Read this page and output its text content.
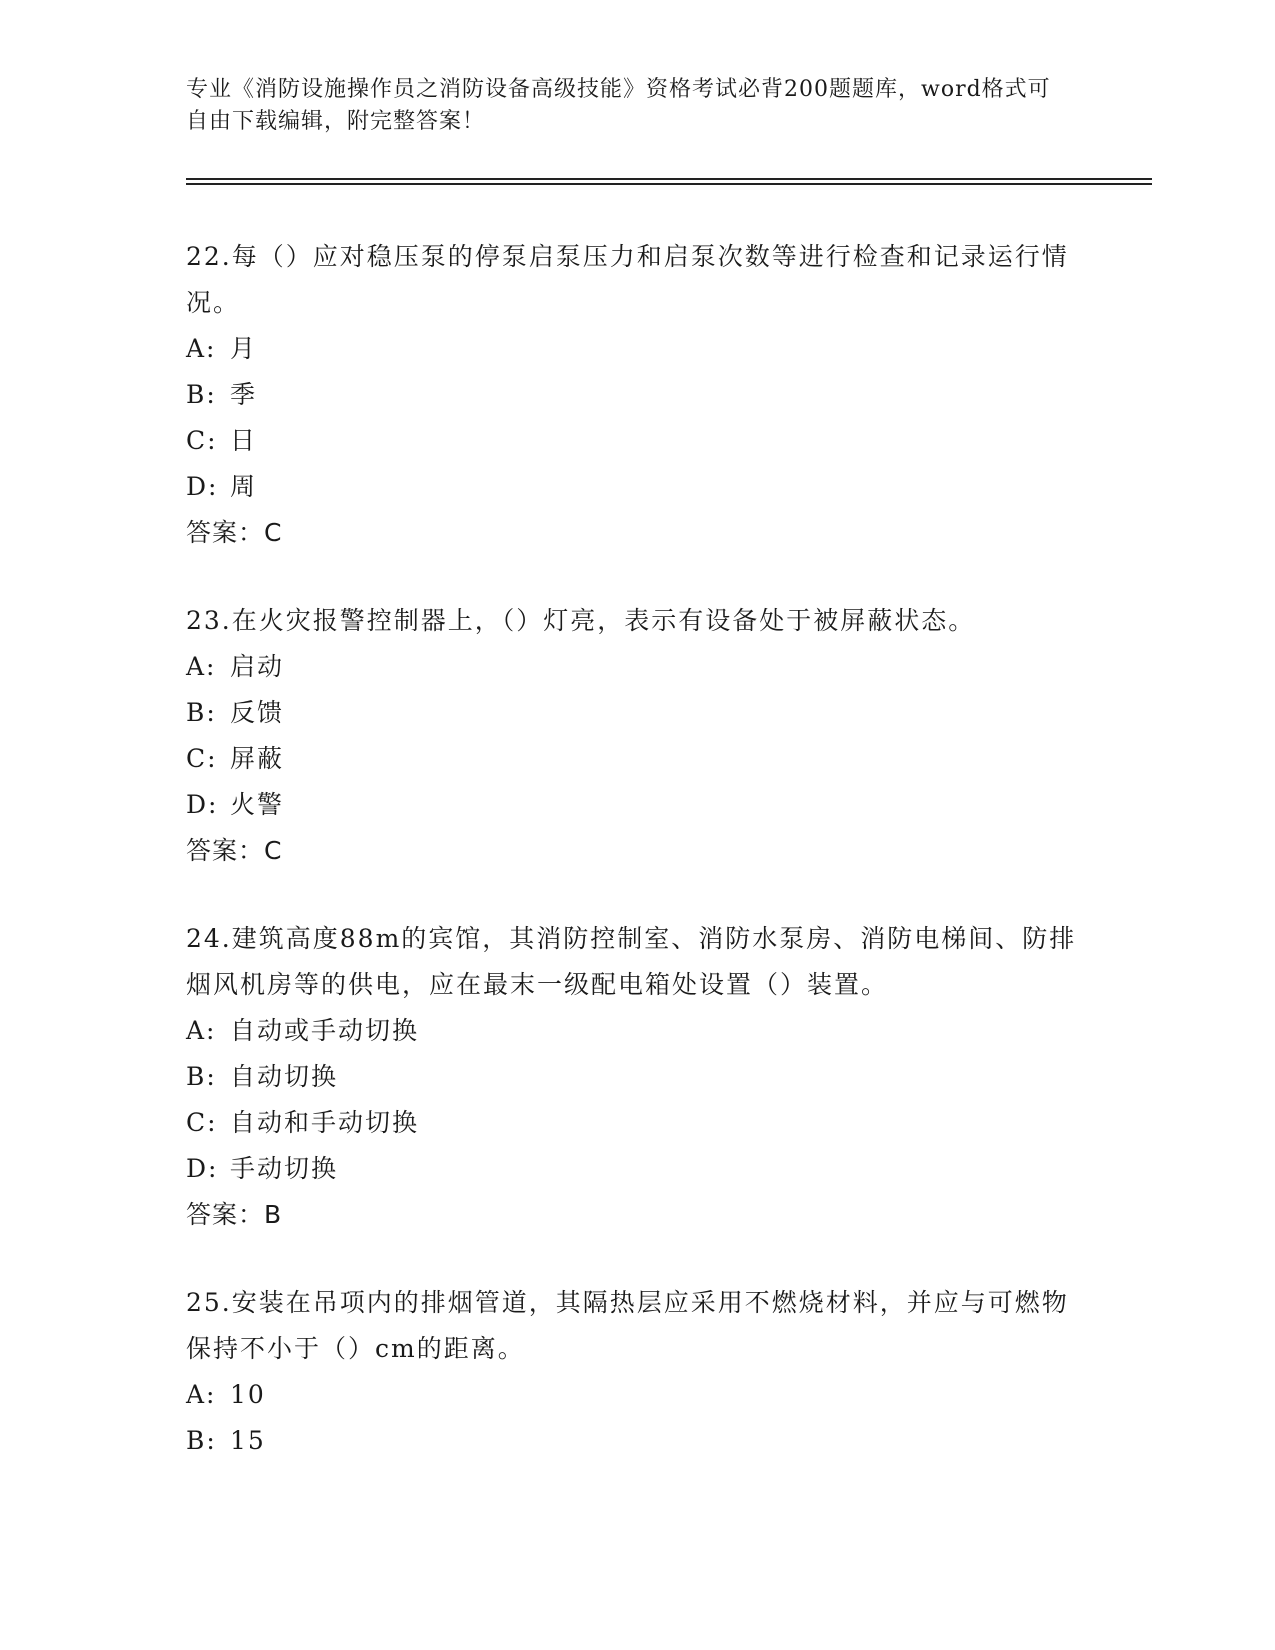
专业《消防设施操作员之消防设备高级技能》资格考试必背200题题库，word格式可自由下载编辑，附完整答案！

22.每（）应对稳压泵的停泵启泵压力和启泵次数等进行检查和记录运行情况。

A: 月

B: 季

C: 日

D: 周

答案：C

23.在火灾报警控制器上，（）灯亮，表示有设备处于被屏蔽状态。

A: 启动

B: 反馈

C: 屏蔽

D: 火警

答案：C

24.建筑高度88m的宾馆，其消防控制室、消防水泵房、消防电梯间、防排烟风机房等的供电，应在最末一级配电箱处设置（）装置。

A: 自动或手动切换

B: 自动切换

C: 自动和手动切换

D: 手动切换

答案：B

25.安装在吊项内的排烟管道，其隔热层应采用不燃烧材料，并应与可燃物保持不小于（）cm的距离。

A: 10

B: 15
